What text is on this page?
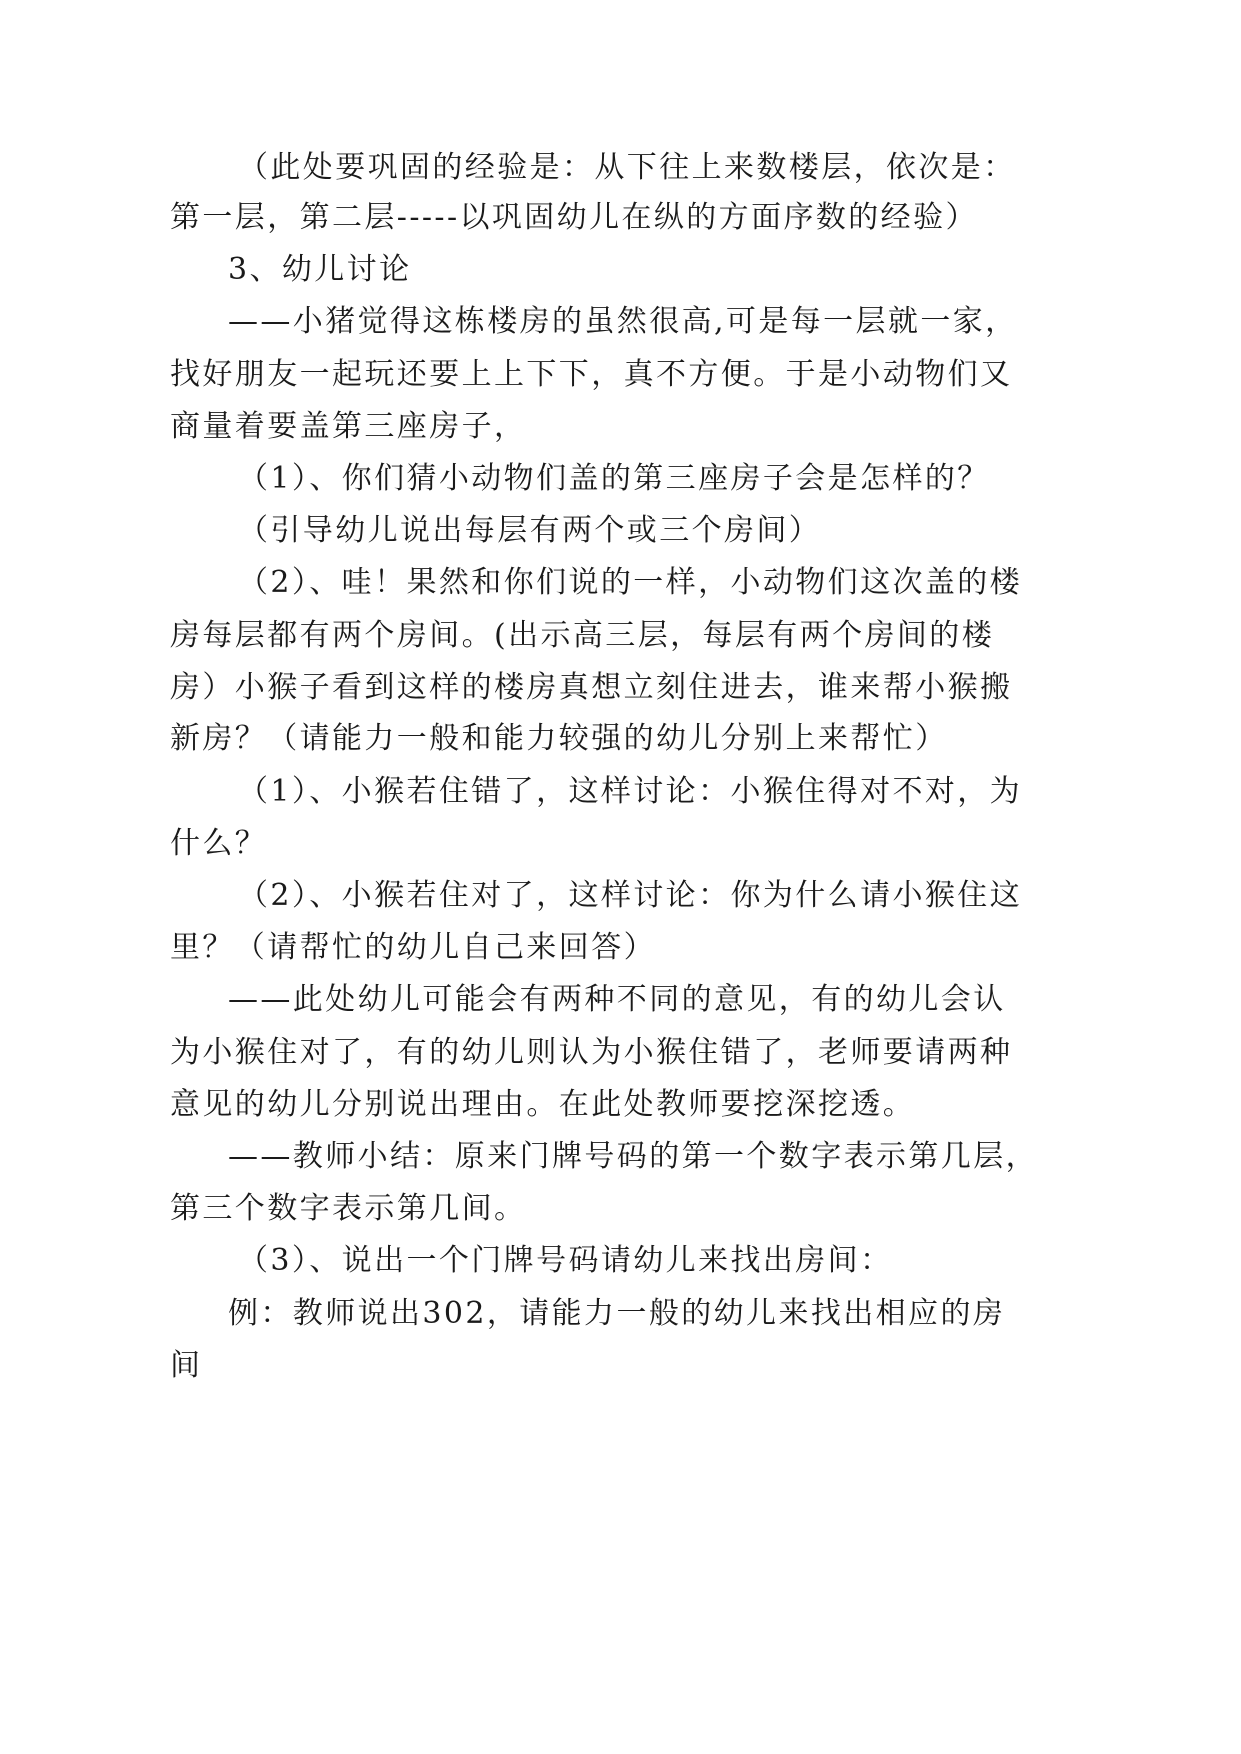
（此处要巩固的经验是：从下往上来数楼层，依次是：
第一层，第二层-----以巩固幼儿在纵的方面序数的经验）
3、幼儿讨论
——小猪觉得这栋楼房的虽然很高,可是每一层就一家，
找好朋友一起玩还要上上下下，真不方便。于是小动物们又
商量着要盖第三座房子，
（1）、你们猜小动物们盖的第三座房子会是怎样的？
（引导幼儿说出每层有两个或三个房间）
（2）、哇！果然和你们说的一样，小动物们这次盖的楼
房每层都有两个房间。(出示高三层，每层有两个房间的楼
房）小猴子看到这样的楼房真想立刻住进去，谁来帮小猴搬
新房？（请能力一般和能力较强的幼儿分别上来帮忙）
（1）、小猴若住错了，这样讨论：小猴住得对不对，为
什么？
（2）、小猴若住对了，这样讨论：你为什么请小猴住这
里？（请帮忙的幼儿自己来回答）
——此处幼儿可能会有两种不同的意见，有的幼儿会认
为小猴住对了，有的幼儿则认为小猴住错了，老师要请两种
意见的幼儿分别说出理由。在此处教师要挖深挖透。
——教师小结：原来门牌号码的第一个数字表示第几层，
第三个数字表示第几间。
（3）、说出一个门牌号码请幼儿来找出房间：
例：教师说出302，请能力一般的幼儿来找出相应的房
间
